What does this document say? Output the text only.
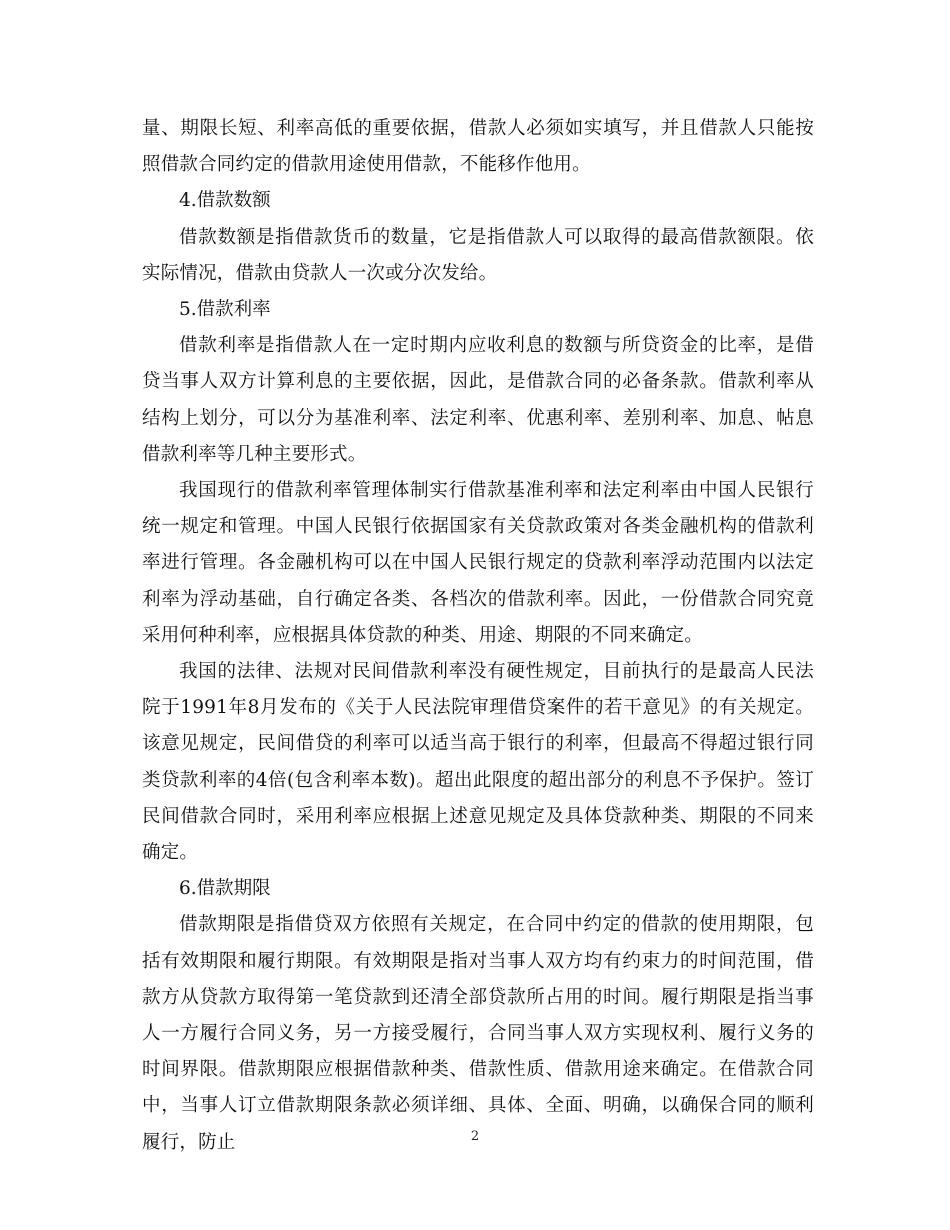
量、期限长短、利率高低的重要依据，借款人必须如实填写，并且借款人只能按照借款合同约定的借款用途使用借款，不能移作他用。

4.借款数额

借款数额是指借款货币的数量，它是指借款人可以取得的最高借款额限。依实际情况，借款由贷款人一次或分次发给。

5.借款利率

借款利率是指借款人在一定时期内应收利息的数额与所贷资金的比率，是借贷当事人双方计算利息的主要依据，因此，是借款合同的必备条款。借款利率从结构上划分，可以分为基准利率、法定利率、优惠利率、差别利率、加息、帖息借款利率等几种主要形式。

我国现行的借款利率管理体制实行借款基准利率和法定利率由中国人民银行统一规定和管理。中国人民银行依据国家有关贷款政策对各类金融机构的借款利率进行管理。各金融机构可以在中国人民银行规定的贷款利率浮动范围内以法定利率为浮动基础，自行确定各类、各档次的借款利率。因此，一份借款合同究竟采用何种利率，应根据具体贷款的种类、用途、期限的不同来确定。

我国的法律、法规对民间借款利率没有硬性规定，目前执行的是最高人民法院于1991年8月发布的《关于人民法院审理借贷案件的若干意见》的有关规定。该意见规定，民间借贷的利率可以适当高于银行的利率，但最高不得超过银行同类贷款利率的4倍(包含利率本数)。超出此限度的超出部分的利息不予保护。签订民间借款合同时，采用利率应根据上述意见规定及具体贷款种类、期限的不同来确定。

6.借款期限

借款期限是指借贷双方依照有关规定，在合同中约定的借款的使用期限，包括有效期限和履行期限。有效期限是指对当事人双方均有约束力的时间范围，借款方从贷款方取得第一笔贷款到还清全部贷款所占用的时间。履行期限是指当事人一方履行合同义务，另一方接受履行，合同当事人双方实现权利、履行义务的时间界限。借款期限应根据借款种类、借款性质、借款用途来确定。在借款合同中，当事人订立借款期限条款必须详细、具体、全面、明确，以确保合同的顺利履行，防止	2
